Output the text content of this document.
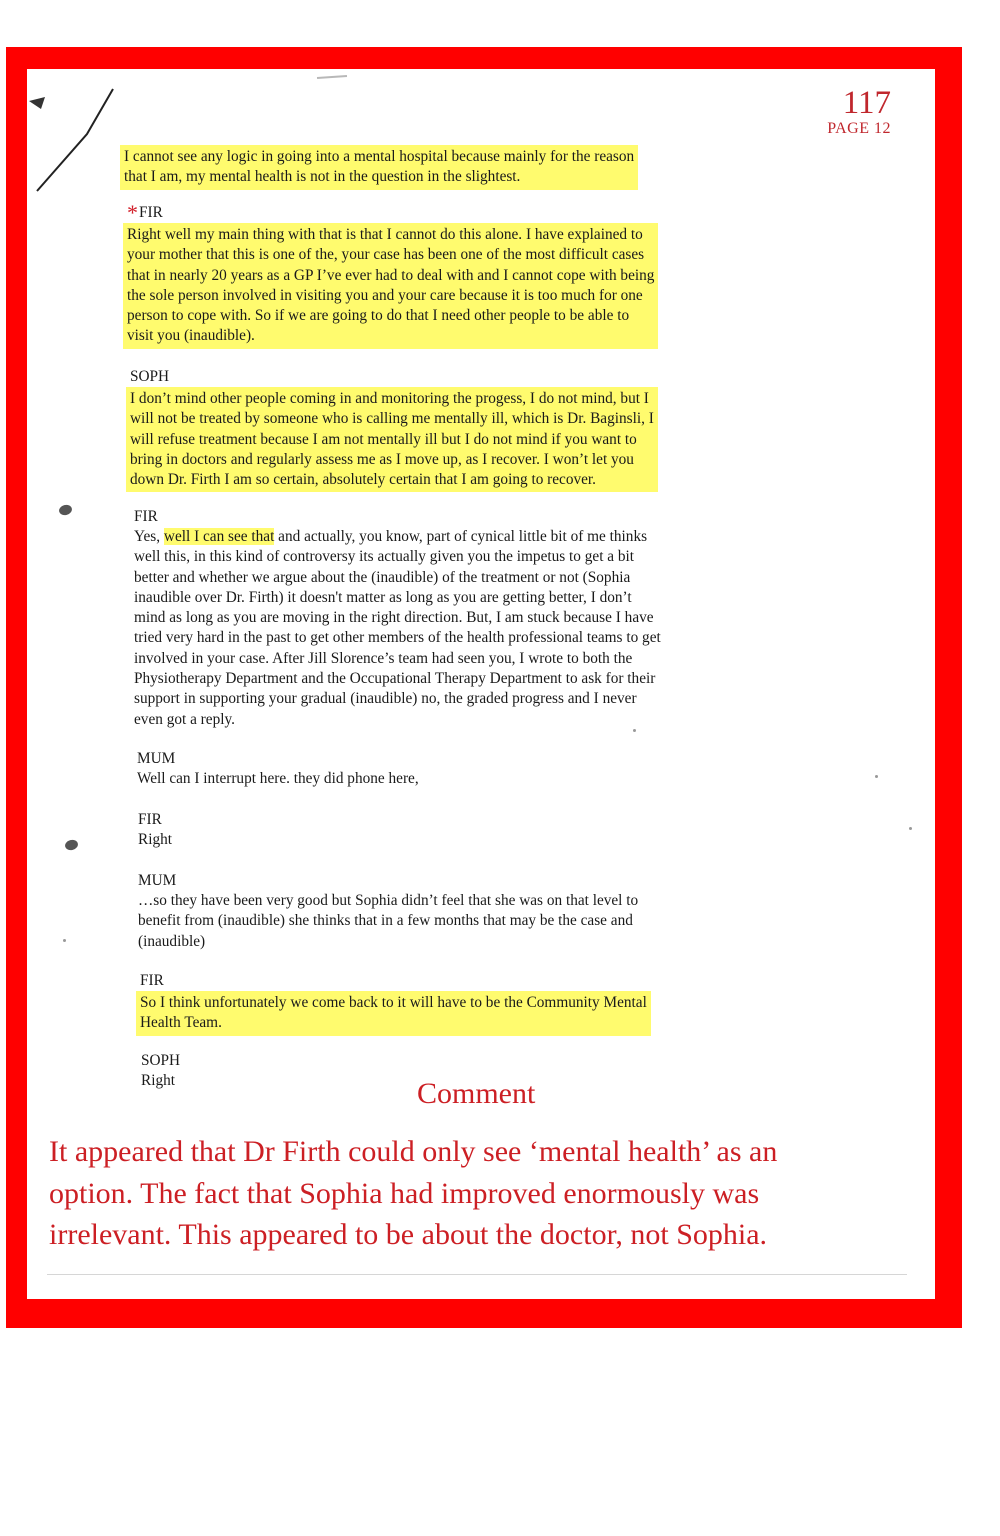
117
PAGE 12
I cannot see any logic in going into a mental hospital because mainly for the reason
that I am, my mental health is not in the question in the slightest.
*FIR
Right well my main thing with that is that I cannot do this alone. I have explained to
your mother that this is one of the, your case has been one of the most difficult cases
that in nearly 20 years as a GP I’ve ever had to deal with and I cannot cope with being
the sole person involved in visiting you and your care because it is too much for one
person to cope with. So if we are going to do that I need other people to be able to
visit you (inaudible).
SOPH
I don’t mind other people coming in and monitoring the progess, I do not mind, but I
will not be treated by someone who is calling me mentally ill, which is Dr. Baginsli, I
will refuse treatment because I am not mentally ill but I do not mind if you want to
bring in doctors and regularly assess me as I move up, as I recover. I won’t let you
down Dr. Firth I am so certain, absolutely certain that I am going to recover.
FIR
Yes, well I can see that and actually, you know, part of cynical little bit of me thinks
well this, in this kind of controversy its actually given you the impetus to get a bit
better and whether we argue about the (inaudible) of the treatment or not (Sophia
inaudible over Dr. Firth) it doesn't matter as long as you are getting better, I don’t
mind as long as you are moving in the right direction. But, I am stuck because I have
tried very hard in the past to get other members of the health professional teams to get
involved in your case. After Jill Slorence’s team had seen you, I wrote to both the
Physiotherapy Department and the Occupational Therapy Department to ask for their
support in supporting your gradual (inaudible) no, the graded progress and I never
even got a reply.
MUM
Well can I interrupt here. they did phone here,
FIR
Right
MUM
…so they have been very good but Sophia didn’t feel that she was on that level to
benefit from (inaudible) she thinks that in a few months that may be the case and
(inaudible)
FIR
So I think unfortunately we come back to it will have to be the Community Mental
Health Team.
SOPH
Right	Comment
It appeared that Dr Firth could only see ‘mental health’ as an
option. The fact that Sophia had improved enormously was
irrelevant. This appeared to be about the doctor, not Sophia.
